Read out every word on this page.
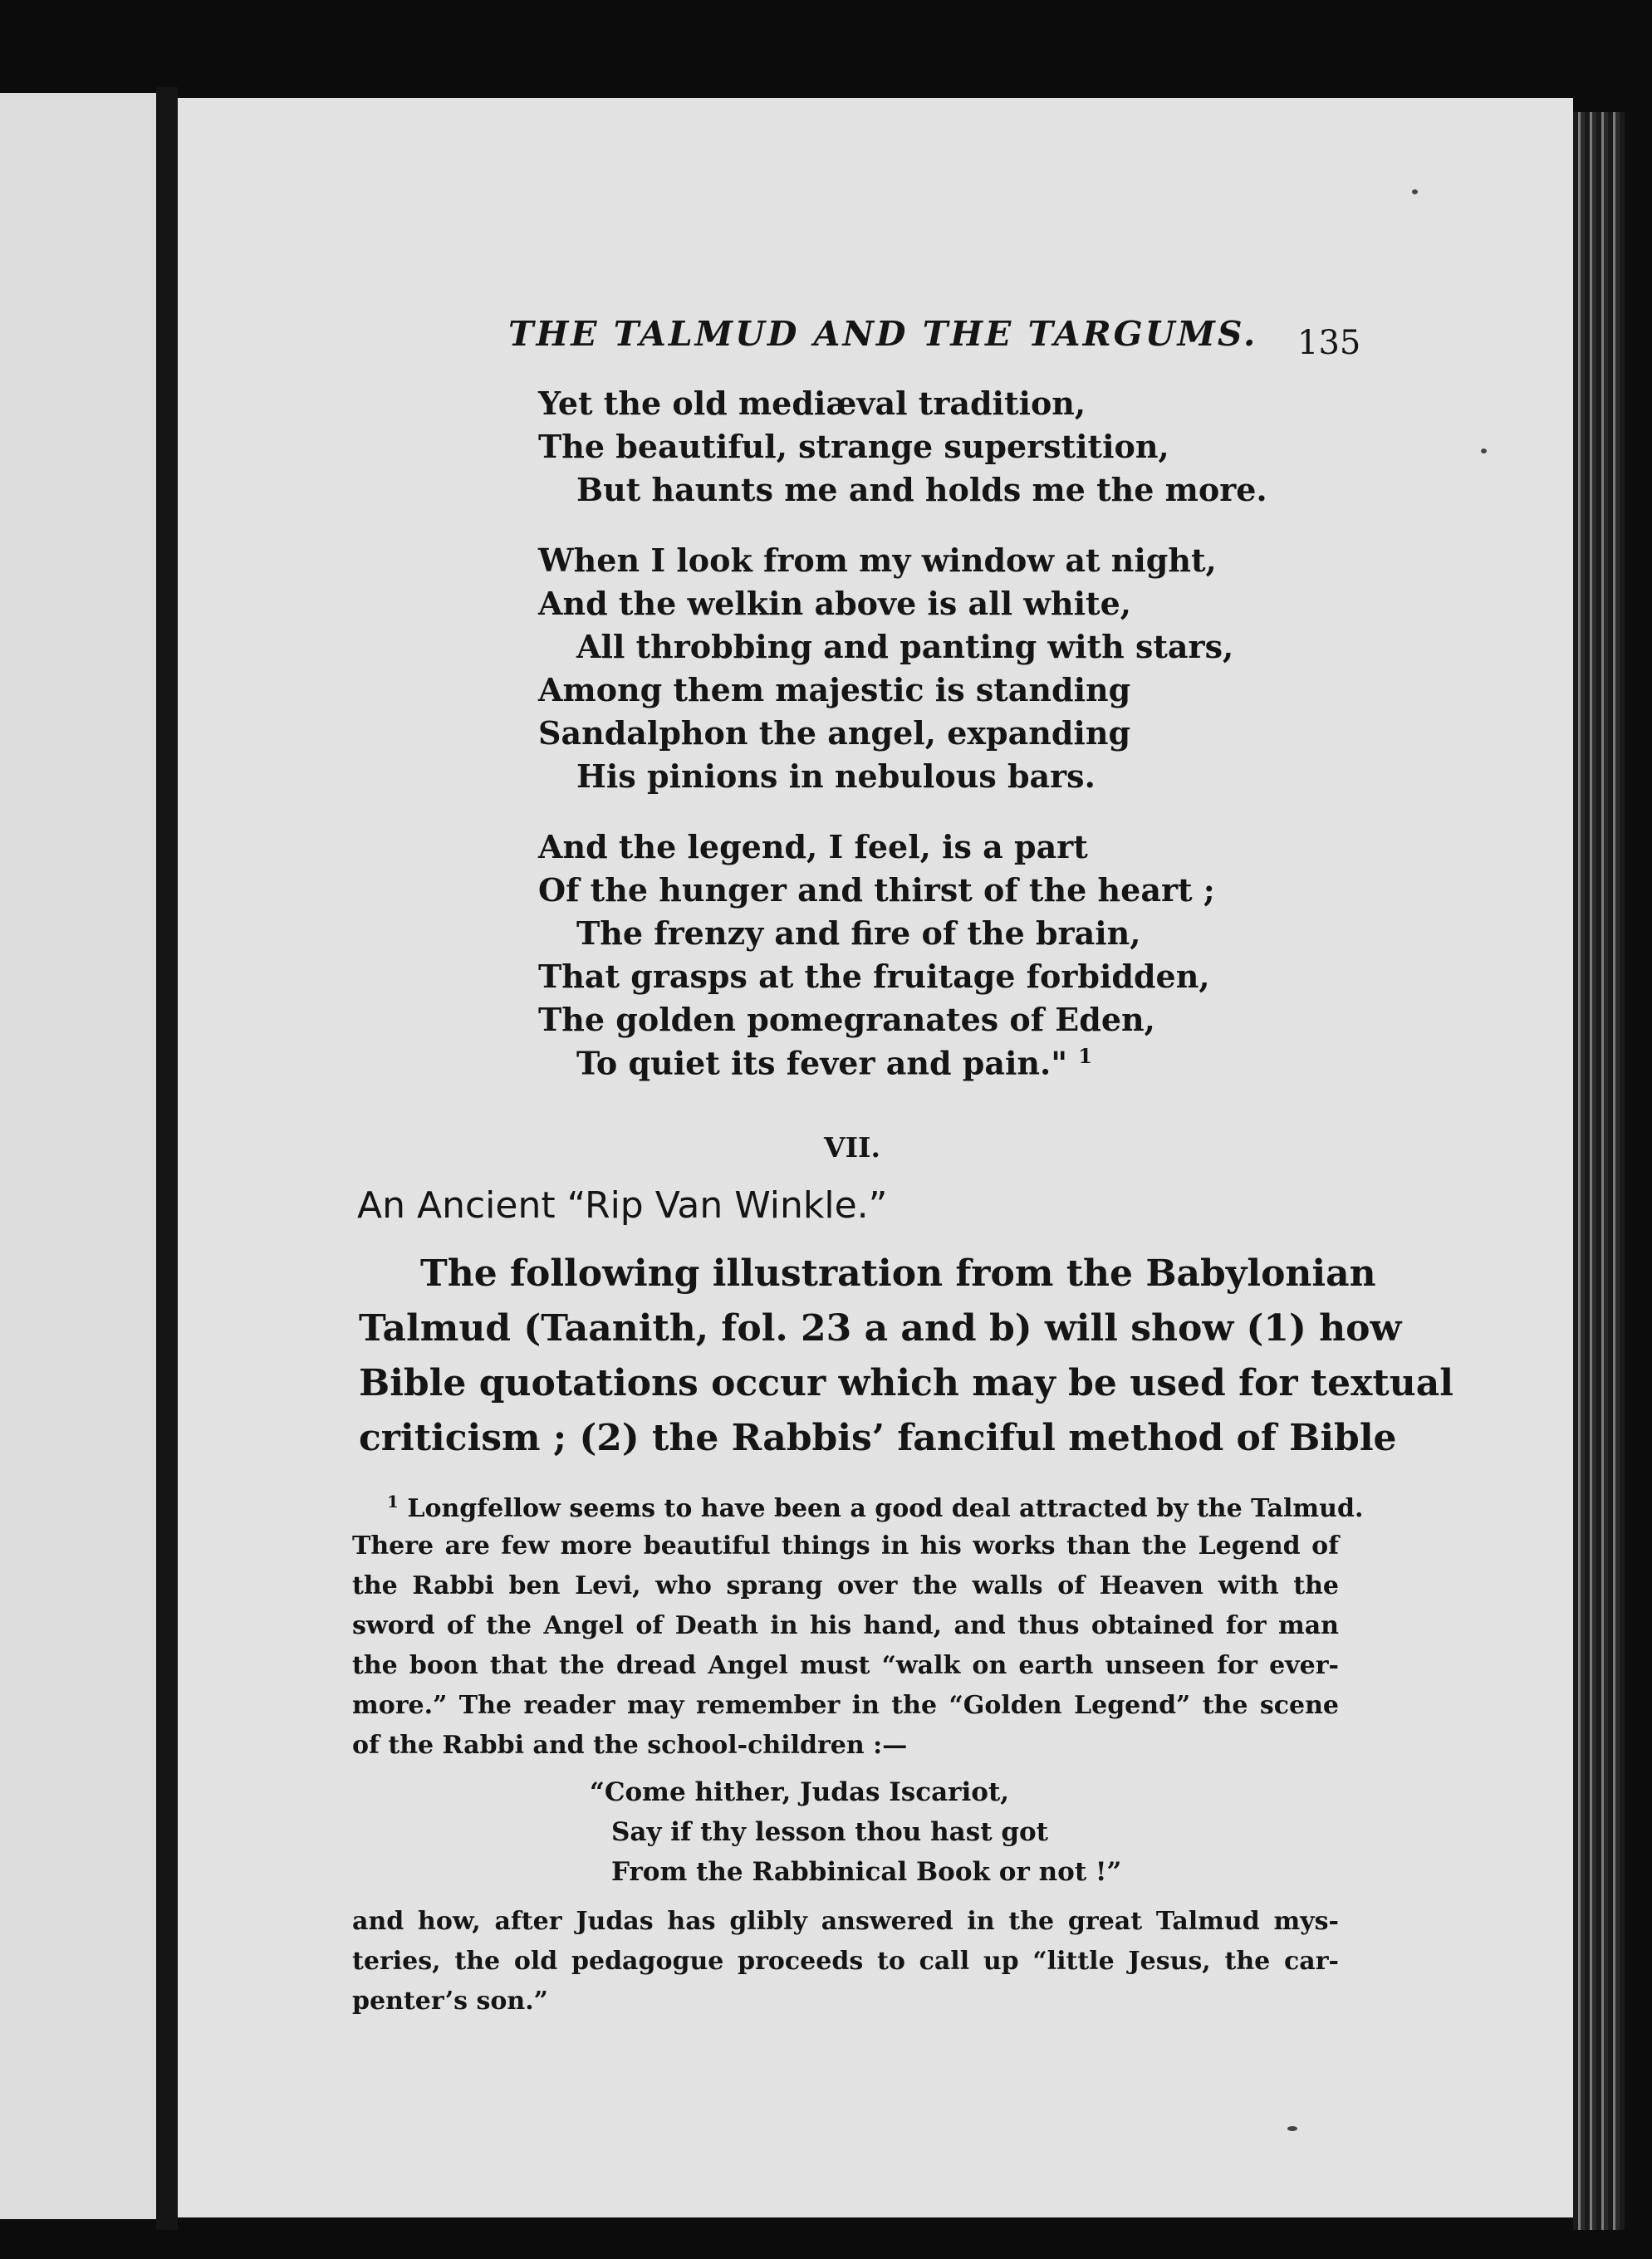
THE TALMUD AND THE TARGUMS. 135

Yet the old mediæval tradition,

The beautiful, strange superstition,

But haunts me and holds me the more.

When I look from my window at night,

And the welkin above is all white,

All throbbing and panting with stars,

Among them majestic is standing

Sandalphon the angel, expanding

His pinions in nebulous bars.

And the legend, I feel, is a part

Of the hunger and thirst of the heart ;

The frenzy and fire of the brain,

That grasps at the fruitage forbidden,

The golden pomegranates of Eden,

To quiet its fever and pain." $^1$

VII.

An Ancient “Rip Van Winkle.”

The following illustration from the Babylonian

Talmud (Taanith, fol. 23 a and b) will show (1) how

Bible quotations occur which may be used for textual

criticism ; (2) the Rabbis’ fanciful method of Bible

$^1$ Longfellow seems to have been a good deal attracted by the Talmud.

There are few more beautiful things in his works than the Legend of

the Rabbi ben Levi, who sprang over the walls of Heaven with the

sword of the Angel of Death in his hand, and thus obtained for man

the boon that the dread Angel must “walk on earth unseen for ever-

more.” The reader may remember in the “Golden Legend” the scene

of the Rabbi and the school-children :—

“Come hither, Judas Iscariot,

Say if thy lesson thou hast got

From the Rabbinical Book or not !”

and how, after Judas has glibly answered in the great Talmud mys-

teries, the old pedagogue proceeds to call up “little Jesus, the car-

penter’s son.”
